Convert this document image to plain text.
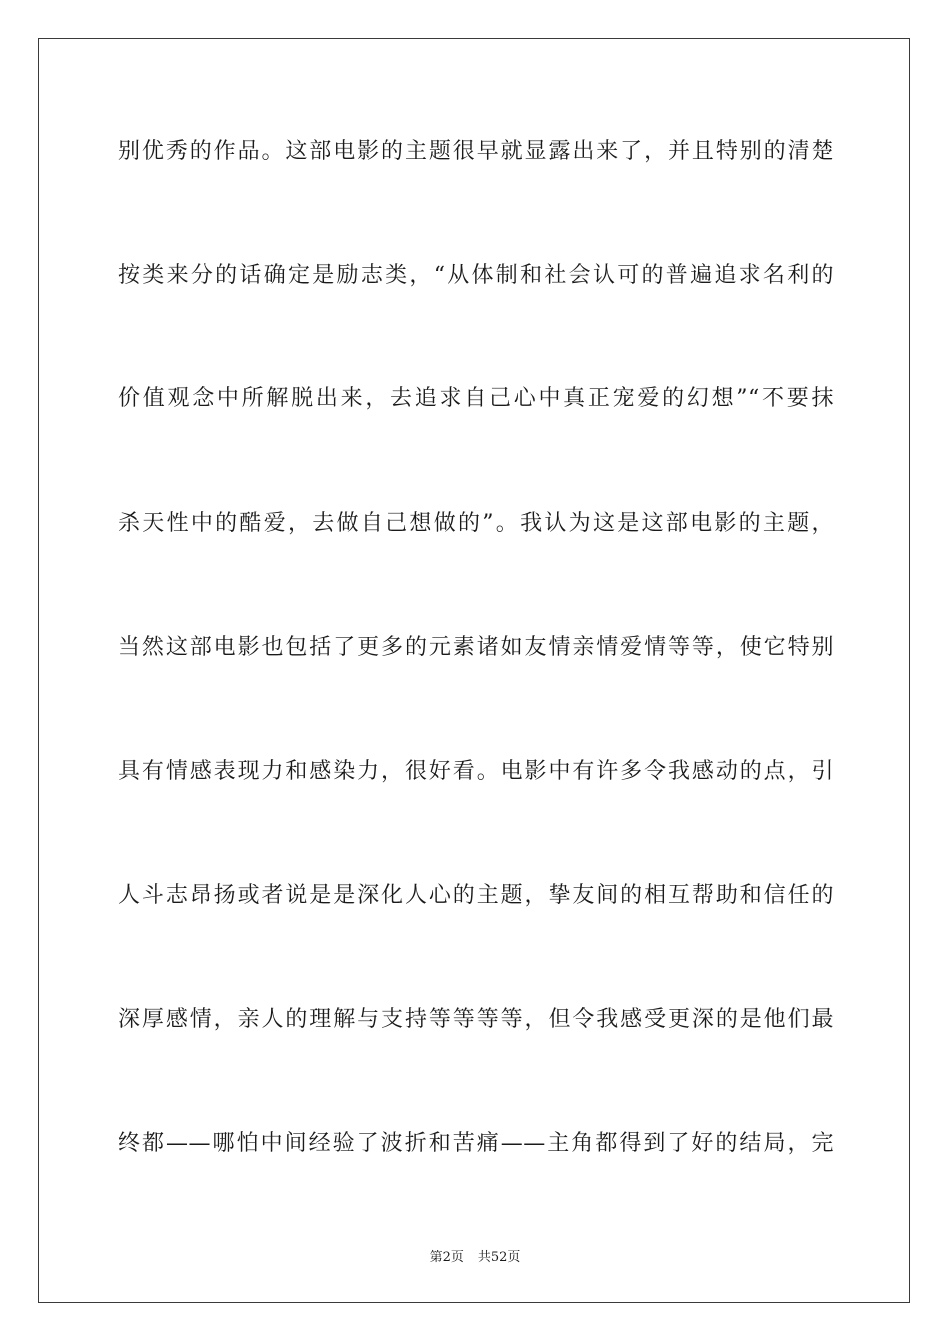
别优秀的作品。这部电影的主题很早就显露出来了，并且特别的清楚
按类来分的话确定是励志类，“从体制和社会认可的普遍追求名利的
价值观念中所解脱出来，去追求自己心中真正宠爱的幻想”“不要抹
杀天性中的酷爱，去做自己想做的”。我认为这是这部电影的主题，
当然这部电影也包括了更多的元素诸如友情亲情爱情等等，使它特别
具有情感表现力和感染力，很好看。电影中有许多令我感动的点，引
人斗志昂扬或者说是是深化人心的主题，挚友间的相互帮助和信任的
深厚感情，亲人的理解与支持等等等等，但令我感受更深的是他们最
终都——哪怕中间经验了波折和苦痛——主角都得到了好的结局，完
第2页 共52页
